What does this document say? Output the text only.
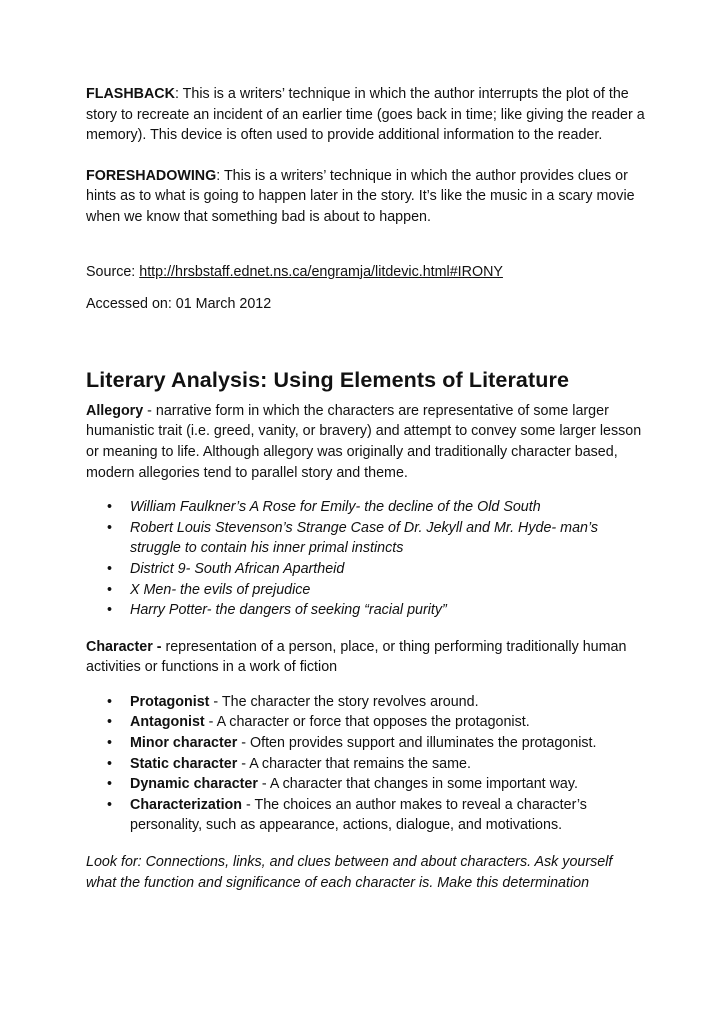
FLASHBACK: This is a writers’ technique in which the author interrupts the plot of the story to recreate an incident of an earlier time (goes back in time; like giving the reader a memory). This device is often used to provide additional information to the reader.

FORESHADOWING: This is a writers’ technique in which the author provides clues or hints as to what is going to happen later in the story. It’s like the music in a scary movie when we know that something bad is about to happen.

Source: http://hrsbstaff.ednet.ns.ca/engramja/litdevic.html#IRONY

Accessed on: 01 March 2012

Literary Analysis: Using Elements of Literature

Allegory - narrative form in which the characters are representative of some larger humanistic trait (i.e. greed, vanity, or bravery) and attempt to convey some larger lesson or meaning to life. Although allegory was originally and traditionally character based, modern allegories tend to parallel story and theme.

• William Faulkner’s A Rose for Emily- the decline of the Old South
• Robert Louis Stevenson’s Strange Case of Dr. Jekyll and Mr. Hyde- man’s struggle to contain his inner primal instincts
• District 9- South African Apartheid
• X Men- the evils of prejudice
• Harry Potter- the dangers of seeking “racial purity”

Character - representation of a person, place, or thing performing traditionally human activities or functions in a work of fiction

• Protagonist - The character the story revolves around.
• Antagonist - A character or force that opposes the protagonist.
• Minor character - Often provides support and illuminates the protagonist.
• Static character - A character that remains the same.
• Dynamic character - A character that changes in some important way.
• Characterization - The choices an author makes to reveal a character’s personality, such as appearance, actions, dialogue, and motivations.

Look for: Connections, links, and clues between and about characters. Ask yourself what the function and significance of each character is. Make this determination
